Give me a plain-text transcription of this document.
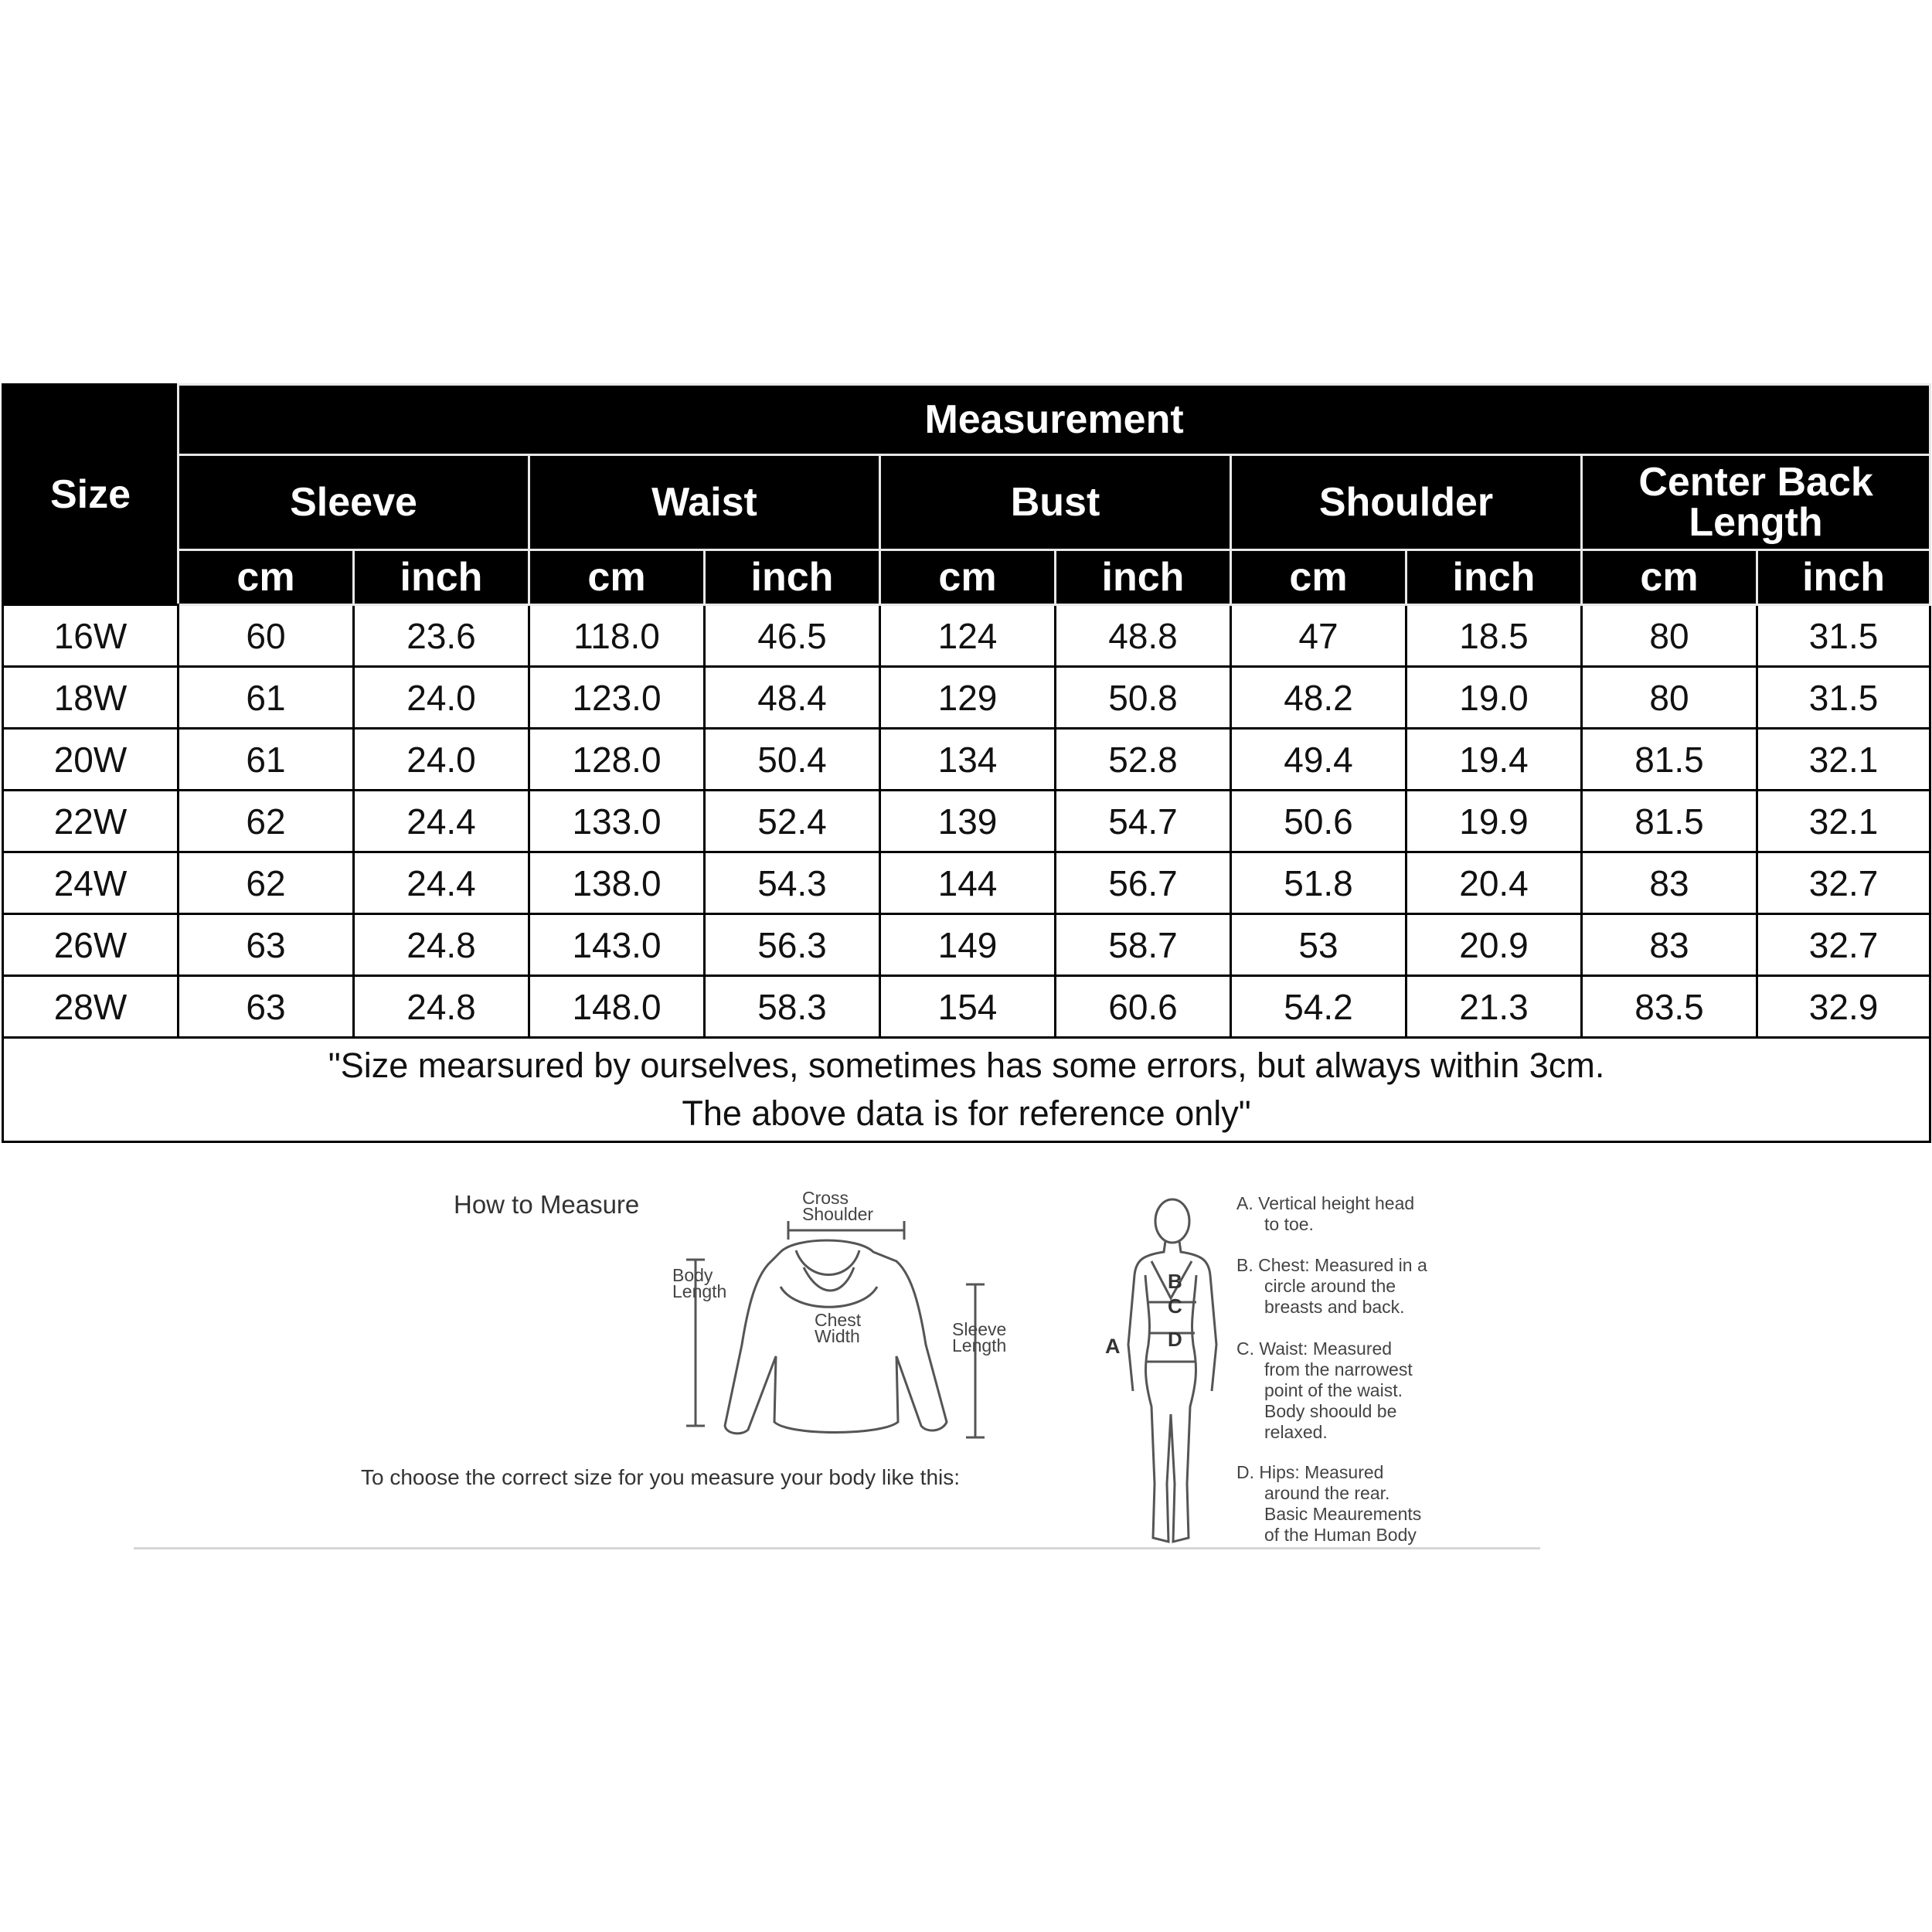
Size	Measurement									
	Sleeve		Waist		Bust		Shoulder		Center Back Length	
	cm	inch	cm	inch	cm	inch	cm	inch	cm	inch
16W	60	23.6	118.0	46.5	124	48.8	47	18.5	80	31.5
18W	61	24.0	123.0	48.4	129	50.8	48.2	19.0	80	31.5
20W	61	24.0	128.0	50.4	134	52.8	49.4	19.4	81.5	32.1
22W	62	24.4	133.0	52.4	139	54.7	50.6	19.9	81.5	32.1
24W	62	24.4	138.0	54.3	144	56.7	51.8	20.4	83	32.7
26W	63	24.8	143.0	56.3	149	58.7	53	20.9	83	32.7
28W	63	24.8	148.0	58.3	154	60.6	54.2	21.3	83.5	32.9

"Size mearsured by ourselves, sometimes has some errors, but always within 3cm.
The above data is for reference only"										
How to Measure	Cross
Shoulder
Body
Length
Chest
Width	Sleeve
Length
To choose the correct size for you measure your body like this:
A
B
C
D
A. Vertical height head
to toe.
B. Chest: Measured in a
circle around the
breasts and back.
C. Waist: Measured
from the narrowest
point of the waist.
Body shoould be
relaxed.
D. Hips: Measured
around the rear.
Basic Meaurements
of the Human Body
